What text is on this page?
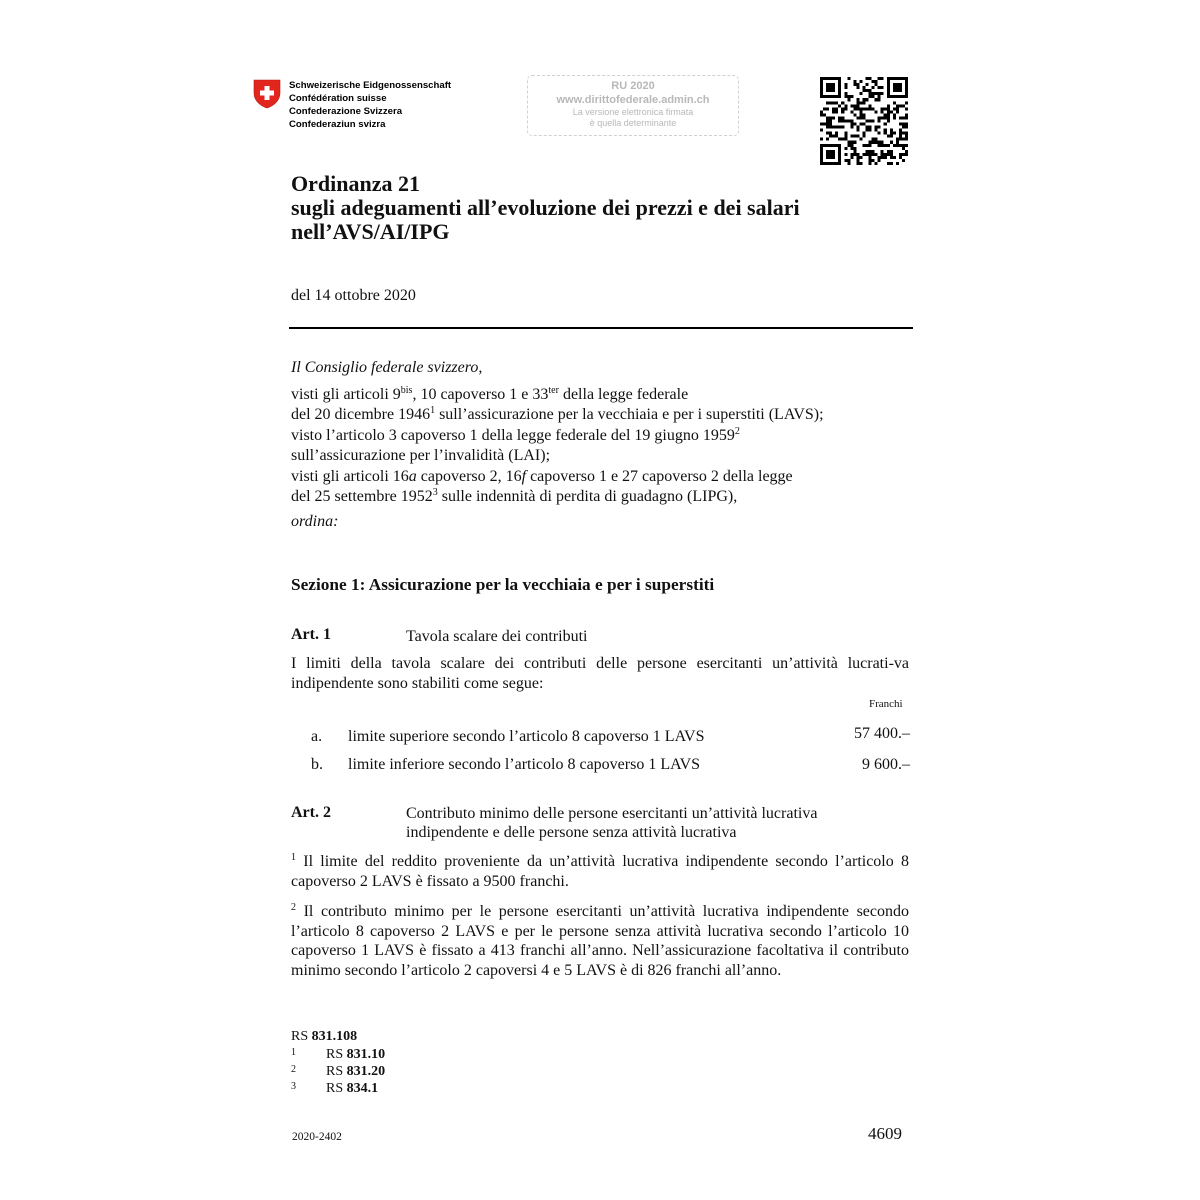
Schweizerische Eidgenossenschaft
Confédération suisse
Confederazione Svizzera
Confederaziun svizra
RU 2020
www.dirittofederale.admin.ch
La versione elettronica firmata
è quella determinante
Ordinanza 21
sugli adeguamenti all’evoluzione dei prezzi e dei salari
nell’AVS/AI/IPG
del 14 ottobre 2020
Il Consiglio federale svizzero,
visti gli articoli $9^{bis}$, 10 capoverso 1 e $33^{ter}$ della legge federale
del 20 dicembre 1946$^1$ sull’assicurazione per la vecchiaia e per i superstiti (LAVS);
visto l’articolo 3 capoverso 1 della legge federale del 19 giugno 1959$^2$
sull’assicurazione per l’invalidità (LAI);
visti gli articoli 16a capoverso 2, 16f capoverso 1 e 27 capoverso 2 della legge
del 25 settembre 1952$^3$ sulle indennità di perdita di guadagno (LIPG),
ordina:
Sezione 1: Assicurazione per la vecchiaia e per i superstiti
Art. 1	Tavola scalare dei contributi
I limiti della tavola scalare dei contributi delle persone esercitanti un’attività lucrati-va indipendente sono stabiliti come segue:
Franchi
a. limite superiore secondo l’articolo 8 capoverso 1 LAVS	57 400.–
b. limite inferiore secondo l’articolo 8 capoverso 1 LAVS	9 600.–
Art. 2	Contributo minimo delle persone esercitanti un’attività lucrativa
indipendente e delle persone senza attività lucrativa
$^1$ Il limite del reddito proveniente da un’attività lucrativa indipendente secondo l’articolo 8 capoverso 2 LAVS è fissato a 9500 franchi.
$^2$ Il contributo minimo per le persone esercitanti un’attività lucrativa indipendente secondo l’articolo 8 capoverso 2 LAVS e per le persone senza attività lucrativa secondo l’articolo 10 capoverso 1 LAVS è fissato a 413 franchi all’anno. Nell’assicurazione facoltativa il contributo minimo secondo l’articolo 2 capoversi 4 e 5 LAVS è di 826 franchi all’anno.
RS 831.108
1 RS 831.10
2 RS 831.20
3 RS 834.1
2020-2402	4609
